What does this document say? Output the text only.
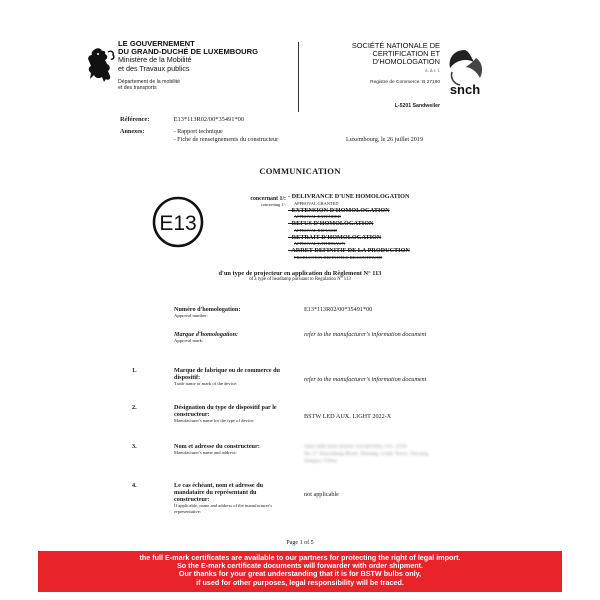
LE GOUVERNEMENT
DU GRAND-DUCHÉ DE LUXEMBOURG
Ministère de la Mobilité
et des Travaux publics
Département de la mobilité
et des transports
SOCIÉTÉ NATIONALE DE
CERTIFICATION ET D'HOMOLOGATION
s. à r. l.
Registre de Commerce: B 27180
L-5201 Sandweiler
snch
Référence:	E13*113R02/00*35491*00
Annexes:	- Rapport technique
- Fiche de renseignements du constructeur	Luxembourg, le 26 juillet 2019
COMMUNICATION
E13
concernant 1/:
concerning 1/:
- DELIVRANCE D'UNE HOMOLOGATION
APPROVAL GRANTED
- EXTENSION D'HOMOLOGATION
APPROVAL EXTENDED
- REFUS D'HOMOLOGATION
APPROVAL REFUSED
- RETRAIT D'HOMOLOGATION
APPROVAL WITHDRAWN
- ARRET DEFINITIF DE LA PRODUCTION
PRODUCTION DEFINITELY DISCONTINUED
d'un type de projecteur en application du Règlement N° 113
of a type of headlamp pursuant to Regulation N° 113
Numéro d'homologation:
Approval number:
E13*113R02/00*35491*00
Marque d'homologation:
Approval mark:
refer to the manufacturer's information document
1.	Marque de fabrique ou de commerce du dispositif:
Trade name or mark of the device:
refer to the manufacturer's information document
2.	Désignation du type de dispositif par le constructeur:
Manufacturer's name for the type of device:
BSTW LED AUX. LIGHT 2022-X
3.	Nom et adresse du constructeur:
Manufacturer's name and address:
YAO SHI HAI JIANG LIGHTING CO., LTD
No.17 Xinyuheng Road, Xintang, Cuiki Town, Taicang,
Jiangsu, China
4.	Le cas échéant, nom et adresse du mandataire du représentant du constructeur:
If applicable, name and address of the manufacturer's representative:
not applicable
Page 1 of 5
the full E-mark certificates are available to our partners for protecting the right of legal import.
So the E-mark certificate documents will forwarder with order shipment.
Our thanks for your great understanding that it is for BSTW bulbs only,
if used for other purposes, legal responsibility will be traced.
